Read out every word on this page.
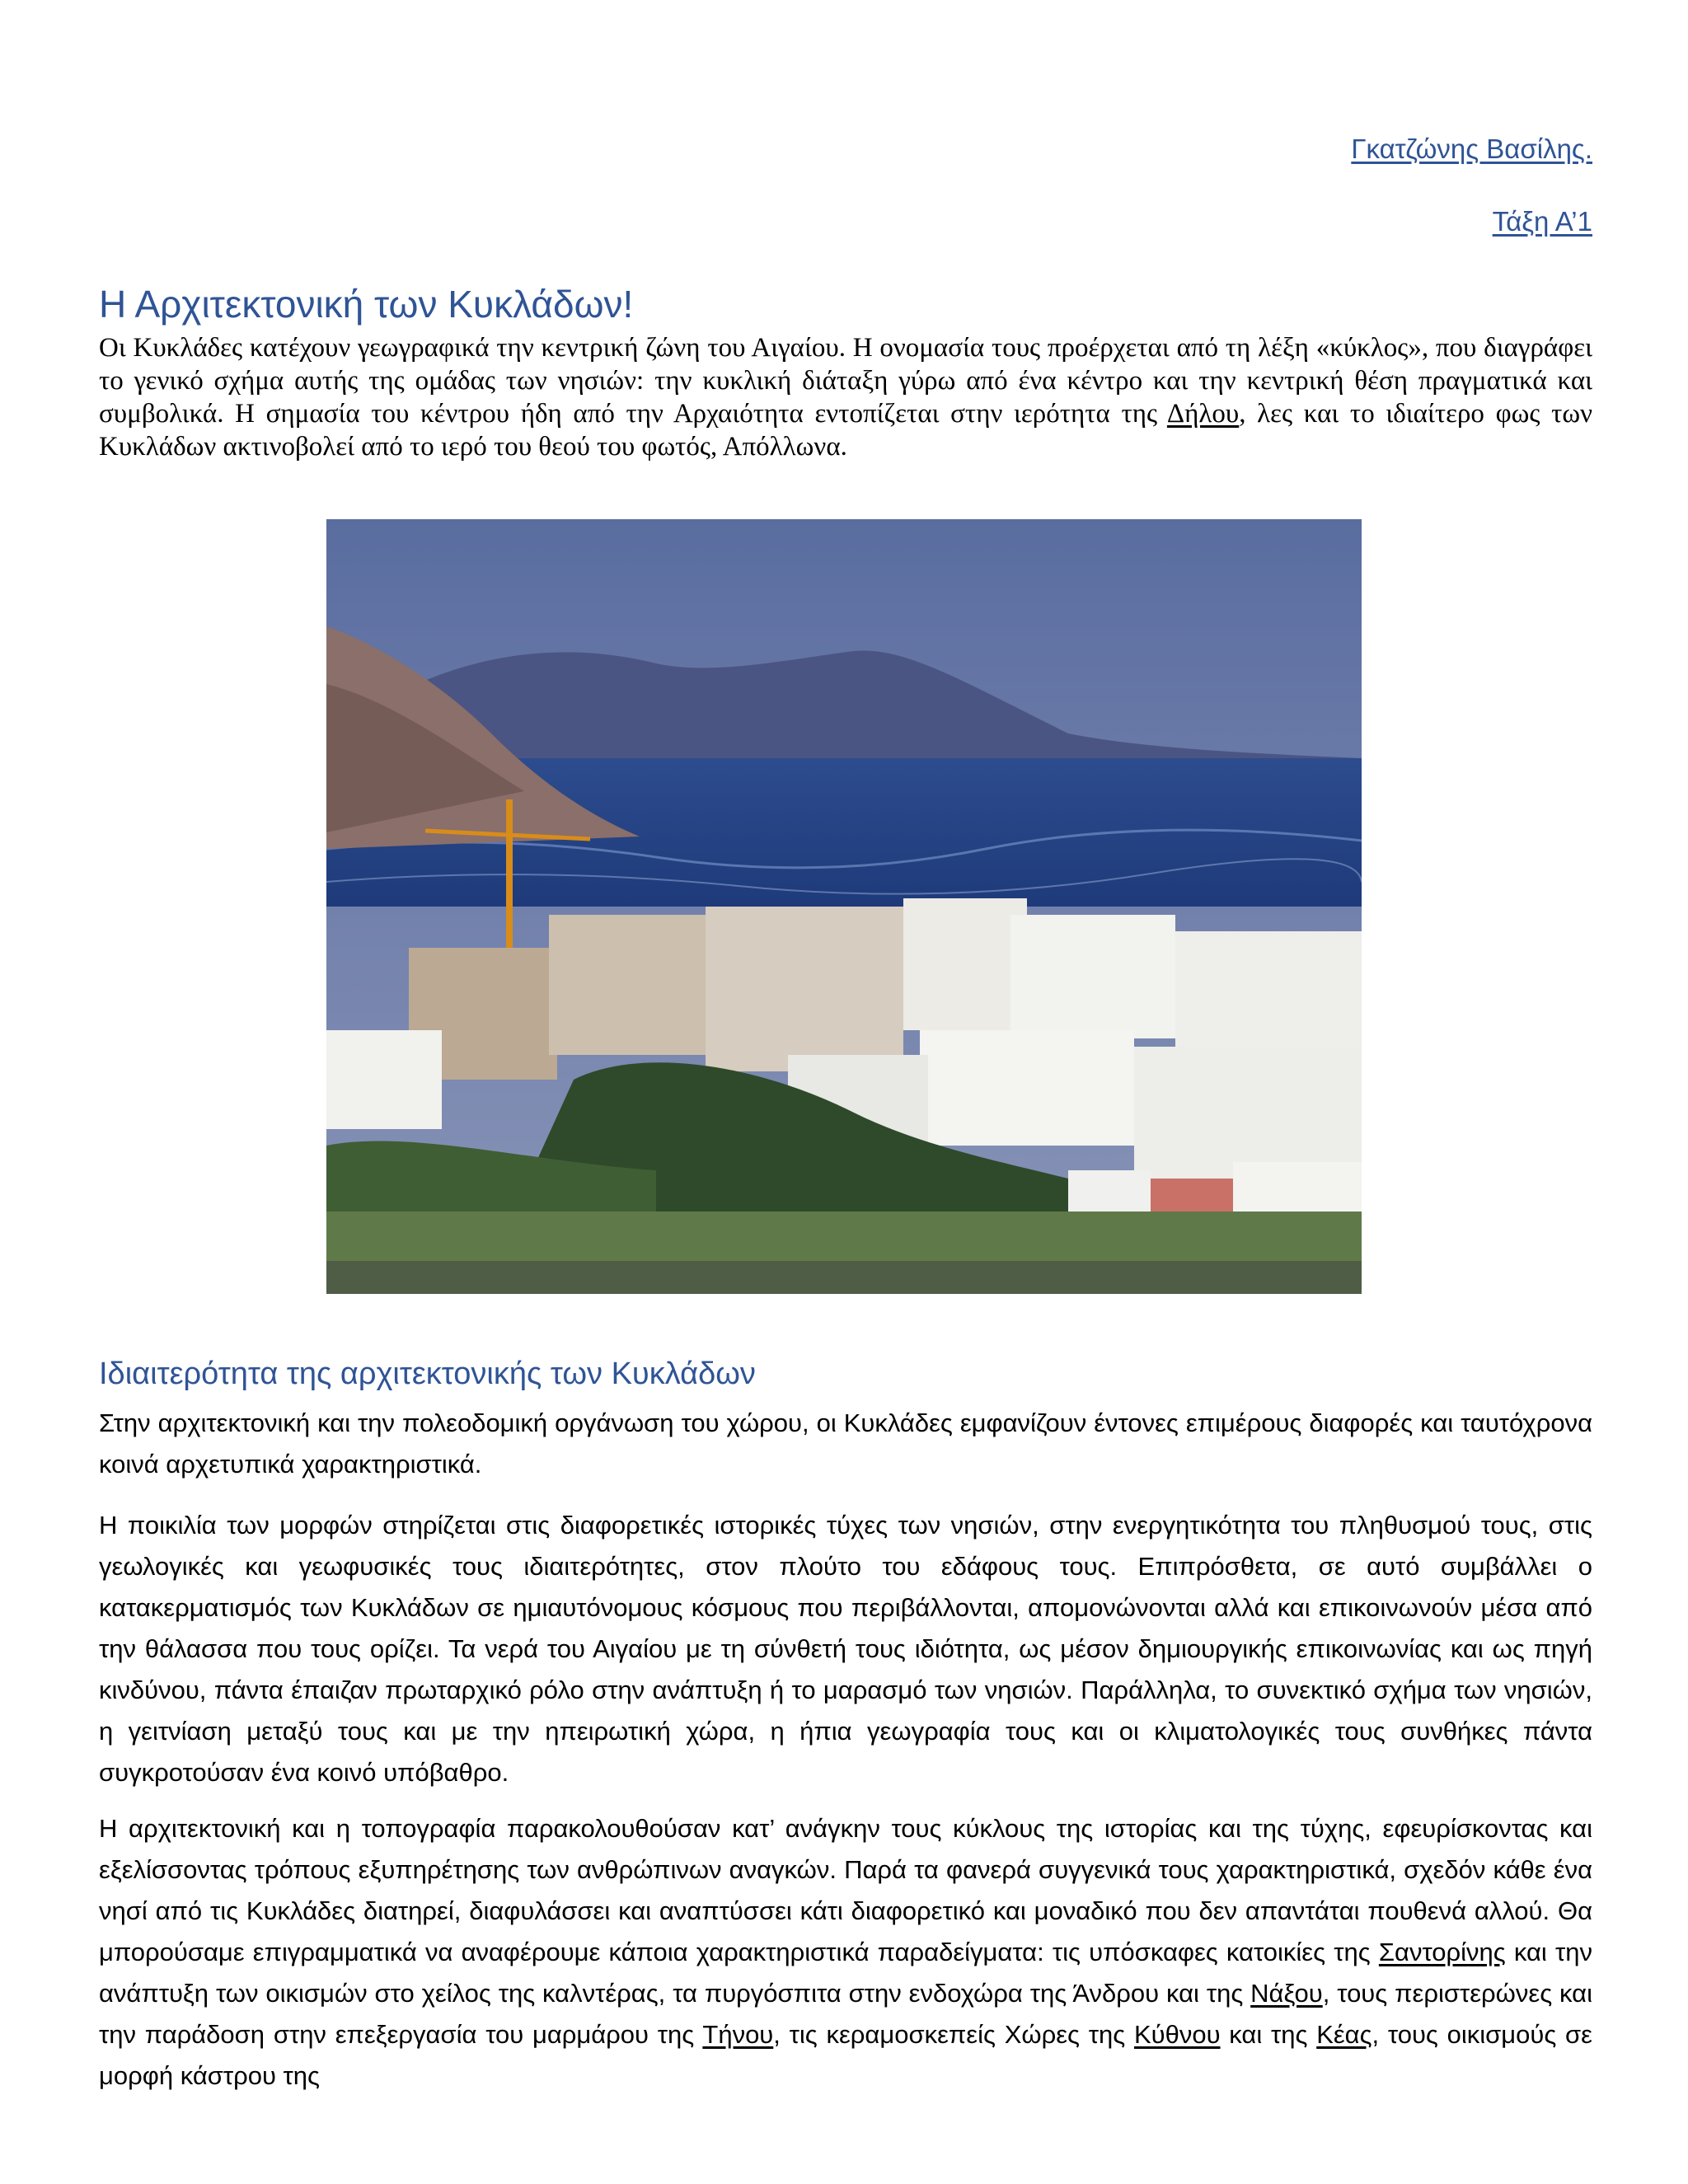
Γκατζώνης Βασίλης.
Τάξη Α’1
Η Αρχιτεκτονική των Κυκλάδων!

Οι Κυκλάδες κατέχουν γεωγραφικά την κεντρική ζώνη του Αιγαίου. Η ονομασία τους προέρχεται από τη λέξη «κύκλος», που διαγράφει το γενικό σχήμα αυτής της ομάδας των νησιών: την κυκλική διάταξη γύρω από ένα κέντρο και την κεντρική θέση πραγματικά και συμβολικά. Η σημασία του κέντρου ήδη από την Αρχαιότητα εντοπίζεται στην ιερότητα της Δήλου, λες και το ιδιαίτερο φως των Κυκλάδων ακτινοβολεί από το ιερό του θεού του φωτός, Απόλλωνα.

Ιδιαιτερότητα της αρχιτεκτονικής των Κυκλάδων

Στην αρχιτεκτονική και την πολεοδομική οργάνωση του χώρου, οι Κυκλάδες εμφανίζουν έντονες επιμέρους διαφορές και ταυτόχρονα κοινά αρχετυπικά χαρακτηριστικά.

Η ποικιλία των μορφών στηρίζεται στις διαφορετικές ιστορικές τύχες των νησιών, στην ενεργητικότητα του πληθυσμού τους, στις γεωλογικές και γεωφυσικές τους ιδιαιτερότητες, στον πλούτο του εδάφους τους. Επιπρόσθετα, σε αυτό συμβάλλει ο κατακερματισμός των Κυκλάδων σε ημιαυτόνομους κόσμους που περιβάλλονται, απομονώνονται αλλά και επικοινωνούν μέσα από την θάλασσα που τους ορίζει. Τα νερά του Αιγαίου με τη σύνθετή τους ιδιότητα, ως μέσον δημιουργικής επικοινωνίας και ως πηγή κινδύνου, πάντα έπαιζαν πρωταρχικό ρόλο στην ανάπτυξη ή το μαρασμό των νησιών. Παράλληλα, το συνεκτικό σχήμα των νησιών, η γειτνίαση μεταξύ τους και με την ηπειρωτική χώρα, η ήπια γεωγραφία τους και οι κλιματολογικές τους συνθήκες πάντα συγκροτούσαν ένα κοινό υπόβαθρο.

Η αρχιτεκτονική και η τοπογραφία παρακολουθούσαν κατ’ ανάγκην τους κύκλους της ιστορίας και της τύχης, εφευρίσκοντας και εξελίσσοντας τρόπους εξυπηρέτησης των ανθρώπινων αναγκών. Παρά τα φανερά συγγενικά τους χαρακτηριστικά, σχεδόν κάθε ένα νησί από τις Κυκλάδες διατηρεί, διαφυλάσσει και αναπτύσσει κάτι διαφορετικό και μοναδικό που δεν απαντάται πουθενά αλλού. Θα μπορούσαμε επιγραμματικά να αναφέρουμε κάποια χαρακτηριστικά παραδείγματα: τις υπόσκαφες κατοικίες της Σαντορίνης και την ανάπτυξη των οικισμών στο χείλος της καλντέρας, τα πυργόσπιτα στην ενδοχώρα της Άνδρου και της Νάξου, τους περιστερώνες και την παράδοση στην επεξεργασία του μαρμάρου της Τήνου, τις κεραμοσκεπείς Χώρες της Κύθνου και της Κέας, τους οικισμούς σε μορφή κάστρου της
